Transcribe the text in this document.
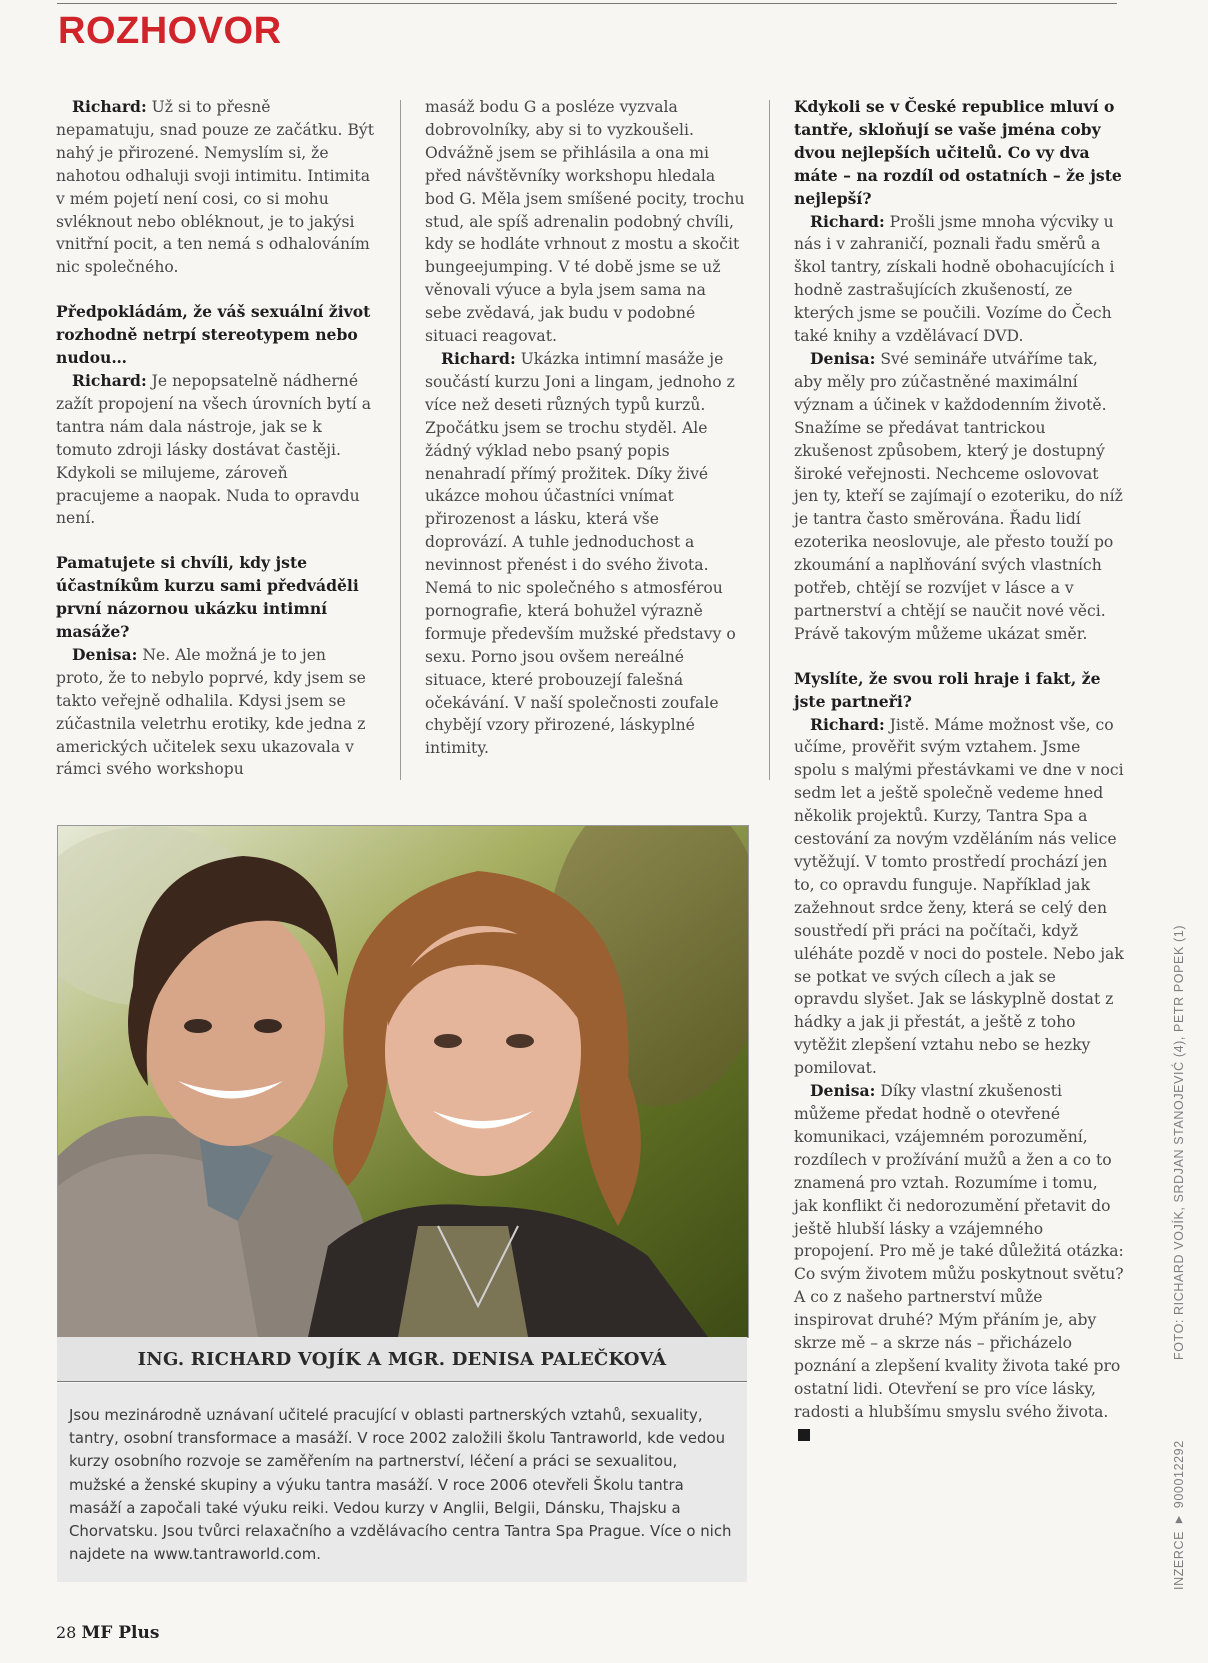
ROZHOVOR

Richard: Už si to přesně nepamatuju, snad pouze ze začátku. Být nahý je přirozené. Nemyslím si, že nahotou odhaluji svoji intimitu. Intimita v mém pojetí není cosi, co si mohu svléknout nebo obléknout, je to jakýsi vnitřní pocit, a ten nemá s odhalováním nic společného.

Předpokládám, že váš sexuální život rozhodně netrpí stereotypem nebo nudou…

Richard: Je nepopsatelně nádherné zažít propojení na všech úrovních bytí a tantra nám dala nástroje, jak se k tomuto zdroji lásky dostávat častěji. Kdykoli se milujeme, zároveň pracujeme a naopak. Nuda to opravdu není.

Pamatujete si chvíli, kdy jste účastníkům kurzu sami předváděli první názornou ukázku intimní masáže?

Denisa: Ne. Ale možná je to jen proto, že to nebylo poprvé, kdy jsem se takto veřejně odhalila. Kdysi jsem se zúčastnila veletrhu erotiky, kde jedna z amerických učitelek sexu ukazovala v rámci svého workshopu

masáž bodu G a posléze vyzvala dobrovolníky, aby si to vyzkoušeli. Odvážně jsem se přihlásila a ona mi před návštěvníky workshopu hledala bod G. Měla jsem smíšené pocity, trochu stud, ale spíš adrenalin podobný chvíli, kdy se hodláte vrhnout z mostu a skočit bungeejumping. V té době jsme se už věnovali výuce a byla jsem sama na sebe zvědavá, jak budu v podobné situaci reagovat.

Richard: Ukázka intimní masáže je součástí kurzu Joni a lingam, jednoho z více než deseti různých typů kurzů. Zpočátku jsem se trochu styděl. Ale žádný výklad nebo psaný popis nenahradí přímý prožitek. Díky živé ukázce mohou účastníci vnímat přirozenost a lásku, která vše doprovází. A tuhle jednoduchost a nevinnost přenést i do svého života. Nemá to nic společného s atmosférou pornografie, která bohužel výrazně formuje především mužské představy o sexu. Porno jsou ovšem nereálné situace, které probouzejí falešná očekávání. V naší společnosti zoufale chybějí vzory přirozené, láskyplné intimity.

Kdykoli se v České republice mluví o tantře, skloňují se vaše jména coby dvou nejlepších učitelů. Co vy dva máte – na rozdíl od ostatních – že jste nejlepší?

Richard: Prošli jsme mnoha výcviky u nás i v zahraničí, poznali řadu směrů a škol tantry, získali hodně obohacujících i hodně zastrašujících zkušeností, ze kterých jsme se poučili. Vozíme do Čech také knihy a vzdělávací DVD.

Denisa: Své semináře utváříme tak, aby měly pro zúčastněné maximální význam a účinek v každodenním životě. Snažíme se předávat tantrickou zkušenost způsobem, který je dostupný široké veřejnosti. Nechceme oslovovat jen ty, kteří se zajímají o ezoteriku, do níž je tantra často směrována. Řadu lidí ezoterika neoslovuje, ale přesto touží po zkoumání a naplňování svých vlastních potřeb, chtějí se rozvíjet v lásce a v partnerství a chtějí se naučit nové věci. Právě takovým můžeme ukázat směr.

Myslíte, že svou roli hraje i fakt, že jste partneři?

Richard: Jistě. Máme možnost vše, co učíme, prověřit svým vztahem. Jsme spolu s malými přestávkami ve dne v noci sedm let a ještě společně vedeme hned několik projektů. Kurzy, Tantra Spa a cestování za novým vzděláním nás velice vytěžují. V tomto prostředí prochází jen to, co opravdu funguje. Například jak zažehnout srdce ženy, která se celý den soustředí při práci na počítači, když uléháte pozdě v noci do postele. Nebo jak se potkat ve svých cílech a jak se opravdu slyšet. Jak se láskyplně dostat z hádky a jak ji přestát, a ještě z toho vytěžit zlepšení vztahu nebo se hezky pomilovat.

Denisa: Díky vlastní zkušenosti můžeme předat hodně o otevřené komunikaci, vzájemném porozumění, rozdílech v prožívání mužů a žen a co to znamená pro vztah. Rozumíme i tomu, jak konflikt či nedorozumění přetavit do ještě hlubší lásky a vzájemného propojení. Pro mě je také důležitá otázka: Co svým životem můžu poskytnout světu? A co z našeho partnerství může inspirovat druhé? Mým přáním je, aby skrze mě – a skrze nás – přicházelo poznání a zlepšení kvality života také pro ostatní lidi. Otevření se pro více lásky, radosti a hlubšímu smyslu svého života.

ING. RICHARD VOJÍK A MGR. DENISA PALEČKOVÁ
Jsou mezinárodně uznávaní učitelé pracující v oblasti partnerských vztahů, sexuality, tantry, osobní transformace a masáží. V roce 2002 založili školu Tantraworld, kde vedou kurzy osobního rozvoje se zaměřením na partnerství, léčení a práci se sexualitou, mužské a ženské skupiny a výuku tantra masáží. V roce 2006 otevřeli Školu tantra masáží a započali také výuku reiki. Vedou kurzy v Anglii, Belgii, Dánsku, Thajsku a Chorvatsku. Jsou tvůrci relaxačního a vzdělávacího centra Tantra Spa Prague. Více o nich najdete na www.tantraworld.com.
FOTO: RICHARD VOJÍK, SRDJAN STANOJEVIĆ (4), PETR POPEK (1)
INZERCE ▼ 900012292
28 MF Plus
